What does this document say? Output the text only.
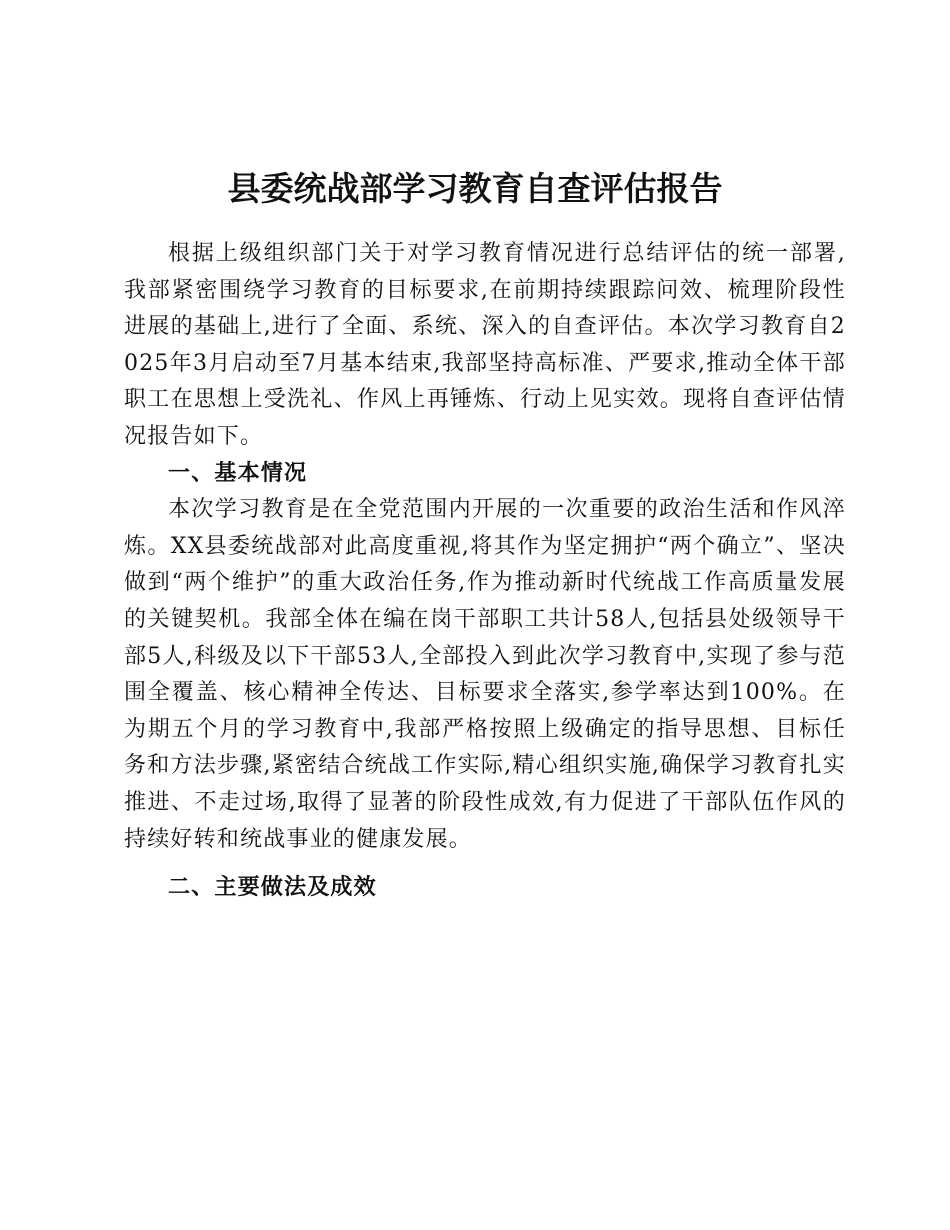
县委统战部学习教育自查评估报告

根据上级组织部门关于对学习教育情况进行总结评估的统一部署,我部紧密围绕学习教育的目标要求,在前期持续跟踪问效、梳理阶段性进展的基础上,进行了全面、系统、深入的自查评估。本次学习教育自2025年3月启动至7月基本结束,我部坚持高标准、严要求,推动全体干部职工在思想上受洗礼、作风上再锤炼、行动上见实效。现将自查评估情况报告如下。

一、基本情况

本次学习教育是在全党范围内开展的一次重要的政治生活和作风淬炼。XX县委统战部对此高度重视,将其作为坚定拥护“两个确立”、坚决做到“两个维护”的重大政治任务,作为推动新时代统战工作高质量发展的关键契机。我部全体在编在岗干部职工共计58人,包括县处级领导干部5人,科级及以下干部53人,全部投入到此次学习教育中,实现了参与范围全覆盖、核心精神全传达、目标要求全落实,参学率达到100%。在为期五个月的学习教育中,我部严格按照上级确定的指导思想、目标任务和方法步骤,紧密结合统战工作实际,精心组织实施,确保学习教育扎实推进、不走过场,取得了显著的阶段性成效,有力促进了干部队伍作风的持续好转和统战事业的健康发展。

二、主要做法及成效
